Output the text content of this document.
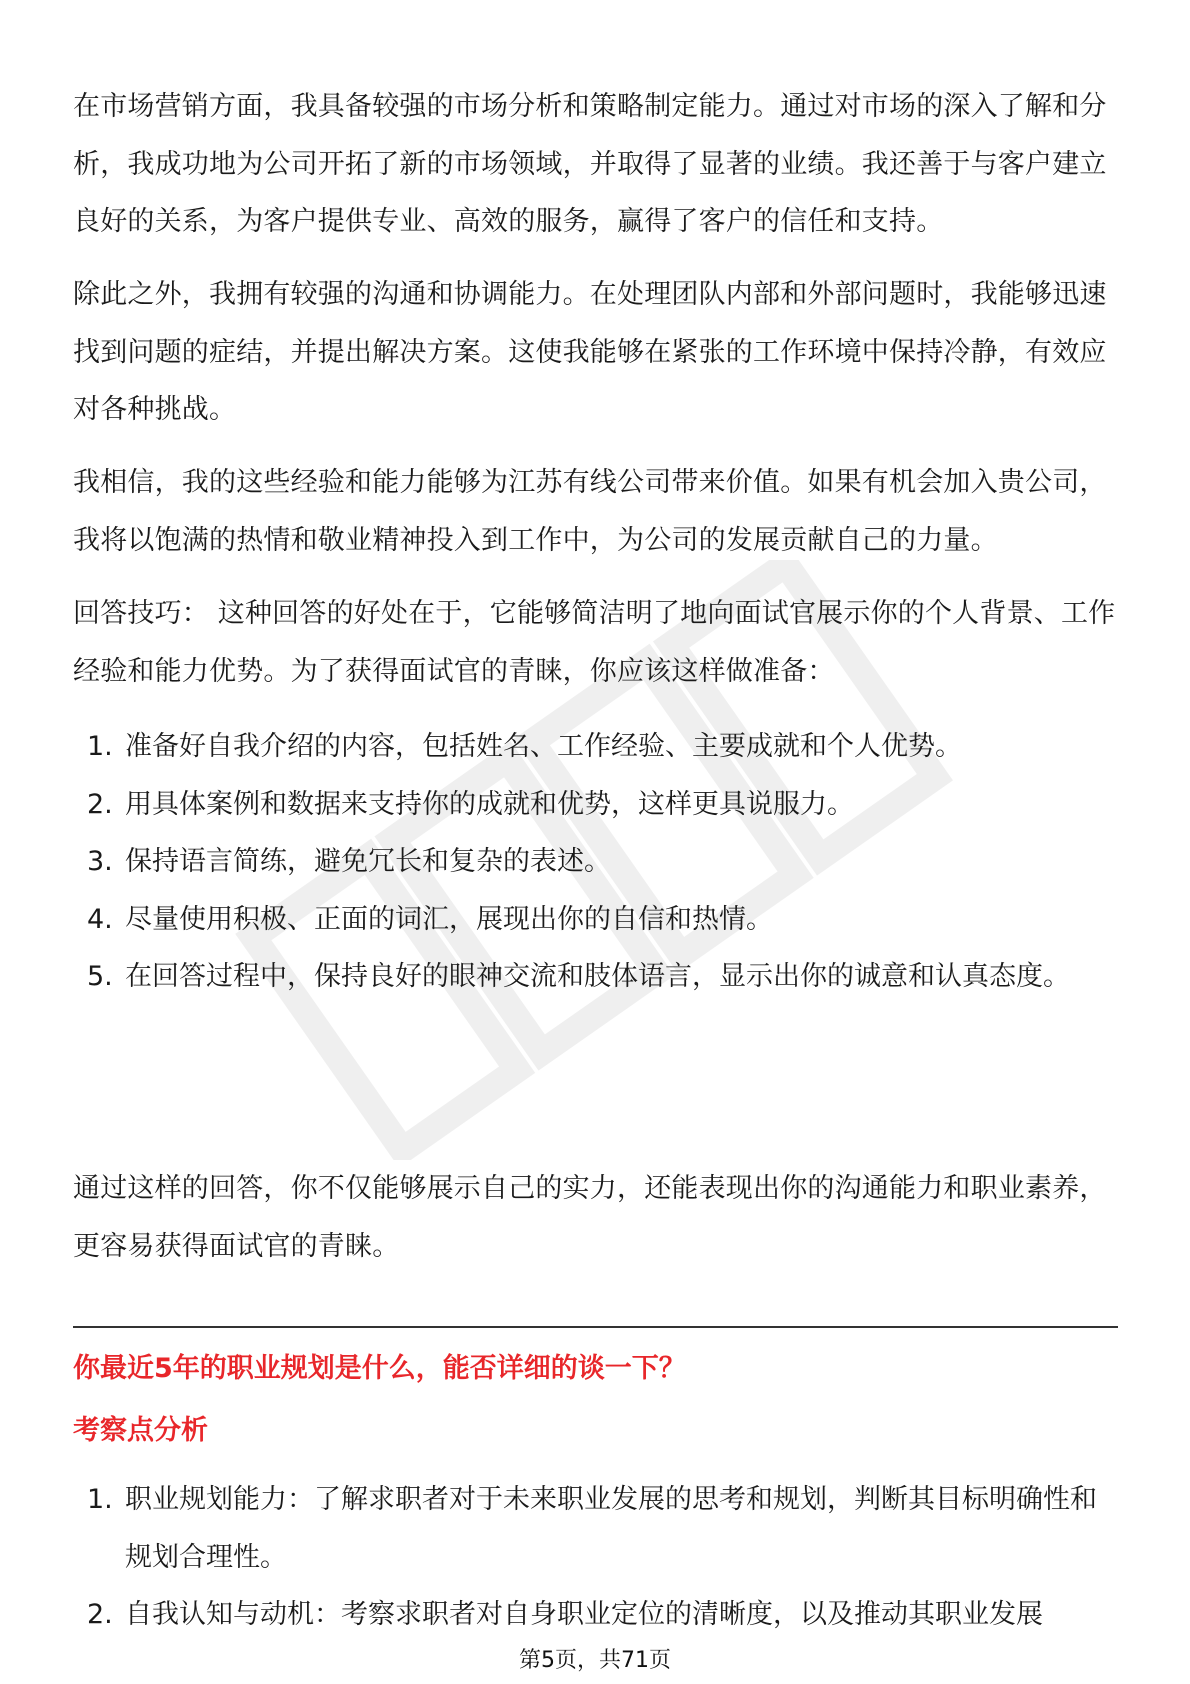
在市场营销方面，我具备较强的市场分析和策略制定能力。通过对市场的深入了解和分析，我成功地为公司开拓了新的市场领域，并取得了显著的业绩。我还善于与客户建立良好的关系，为客户提供专业、高效的服务，赢得了客户的信任和支持。

除此之外，我拥有较强的沟通和协调能力。在处理团队内部和外部问题时，我能够迅速找到问题的症结，并提出解决方案。这使我能够在紧张的工作环境中保持冷静，有效应对各种挑战。

我相信，我的这些经验和能力能够为江苏有线公司带来价值。如果有机会加入贵公司，我将以饱满的热情和敬业精神投入到工作中，为公司的发展贡献自己的力量。

回答技巧： 这种回答的好处在于，它能够简洁明了地向面试官展示你的个人背景、工作经验和能力优势。为了获得面试官的青睐，你应该这样做准备：

1. 准备好自我介绍的内容，包括姓名、工作经验、主要成就和个人优势。
2. 用具体案例和数据来支持你的成就和优势，这样更具说服力。
3. 保持语言简练，避免冗长和复杂的表述。
4. 尽量使用积极、正面的词汇，展现出你的自信和热情。
5. 在回答过程中，保持良好的眼神交流和肢体语言，显示出你的诚意和认真态度。

通过这样的回答，你不仅能够展示自己的实力，还能表现出你的沟通能力和职业素养，更容易获得面试官的青睐。

你最近5年的职业规划是什么，能否详细的谈一下？

考察点分析

1. 职业规划能力：了解求职者对于未来职业发展的思考和规划，判断其目标明确性和规划合理性。
2. 自我认知与动机：考察求职者对自身职业定位的清晰度，以及推动其职业发展
第5页，共71页
